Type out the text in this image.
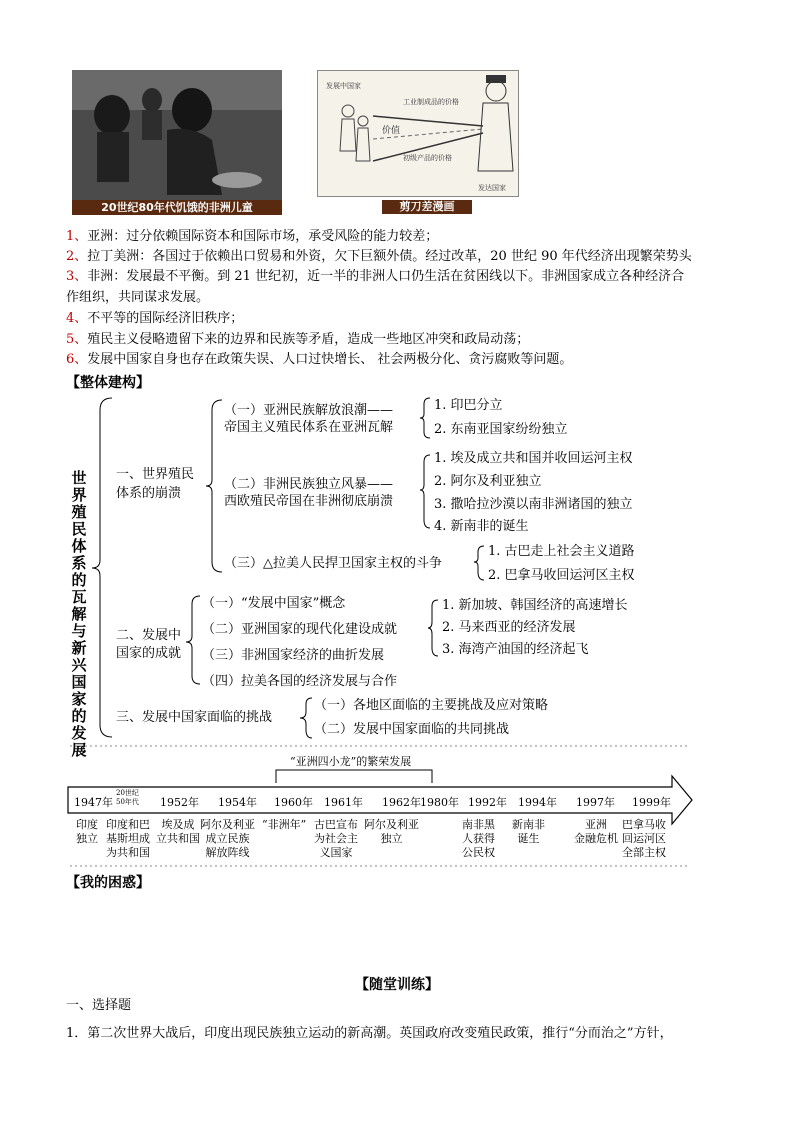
20世纪80年代饥饿的非洲儿童
发展中国家
工业制成品的价格
价值
初级产品的价格
发达国家
剪刀差漫画
1、亚洲：过分依赖国际资本和国际市场，承受风险的能力较差；
2、拉丁美洲：各国过于依赖出口贸易和外资，欠下巨额外债。经过改革，20 世纪 90 年代经济出现繁荣势头
3、非洲：发展最不平衡。到 21 世纪初，近一半的非洲人口仍生活在贫困线以下。非洲国家成立各种经济合
作组织，共同谋求发展。
4、不平等的国际经济旧秩序；
5、殖民主义侵略遗留下来的边界和民族等矛盾，造成一些地区冲突和政局动荡；
6、发展中国家自身也存在政策失误、人口过快增长、 社会两极分化、贪污腐败等问题。
【整体建构】
世界殖民体系的瓦解与新兴国家的发展
一、世界殖民
体系的崩溃
（一）亚洲民族解放浪潮——
帝国主义殖民体系在亚洲瓦解
1. 印巴分立
2. 东南亚国家纷纷独立
（二）非洲民族独立风暴——
西欧殖民帝国在非洲彻底崩溃
1. 埃及成立共和国并收回运河主权
2. 阿尔及利亚独立
3. 撒哈拉沙漠以南非洲诸国的独立
4. 新南非的诞生
（三）△拉美人民捍卫国家主权的斗争
1. 古巴走上社会主义道路
2. 巴拿马收回运河区主权
二、发展中
国家的成就
（一）“发展中国家”概念
（二）亚洲国家的现代化建设成就
（三）非洲国家经济的曲折发展
（四）拉美各国的经济发展与合作
1. 新加坡、韩国经济的高速增长
2. 马来西亚的经济发展
3. 海湾产油国的经济起飞
三、发展中国家面临的挑战
（一）各地区面临的主要挑战及应对策略
（二）发展中国家面临的共同挑战
“亚洲四小龙”的繁荣发展
1947年
20世纪
50年代 1952年 1954年 1960年 1961年 1962年 1980年 1992年 1994年 1997年 1999年
印度
独立
印度和巴
基斯坦成
为共和国
埃及成
立共和国
阿尔及利亚
成立民族
解放阵线
“非洲年” 古巴宣布
为社会主
义国家
阿尔及利亚
独立
南非黑
人获得
公民权
新南非
诞生
亚洲
金融危机
巴拿马收
回运河区
全部主权
【我的困惑】
【随堂训练】
一、选择题
1．第二次世界大战后，印度出现民族独立运动的新高潮。英国政府改变殖民政策，推行“分而治之”方针，
